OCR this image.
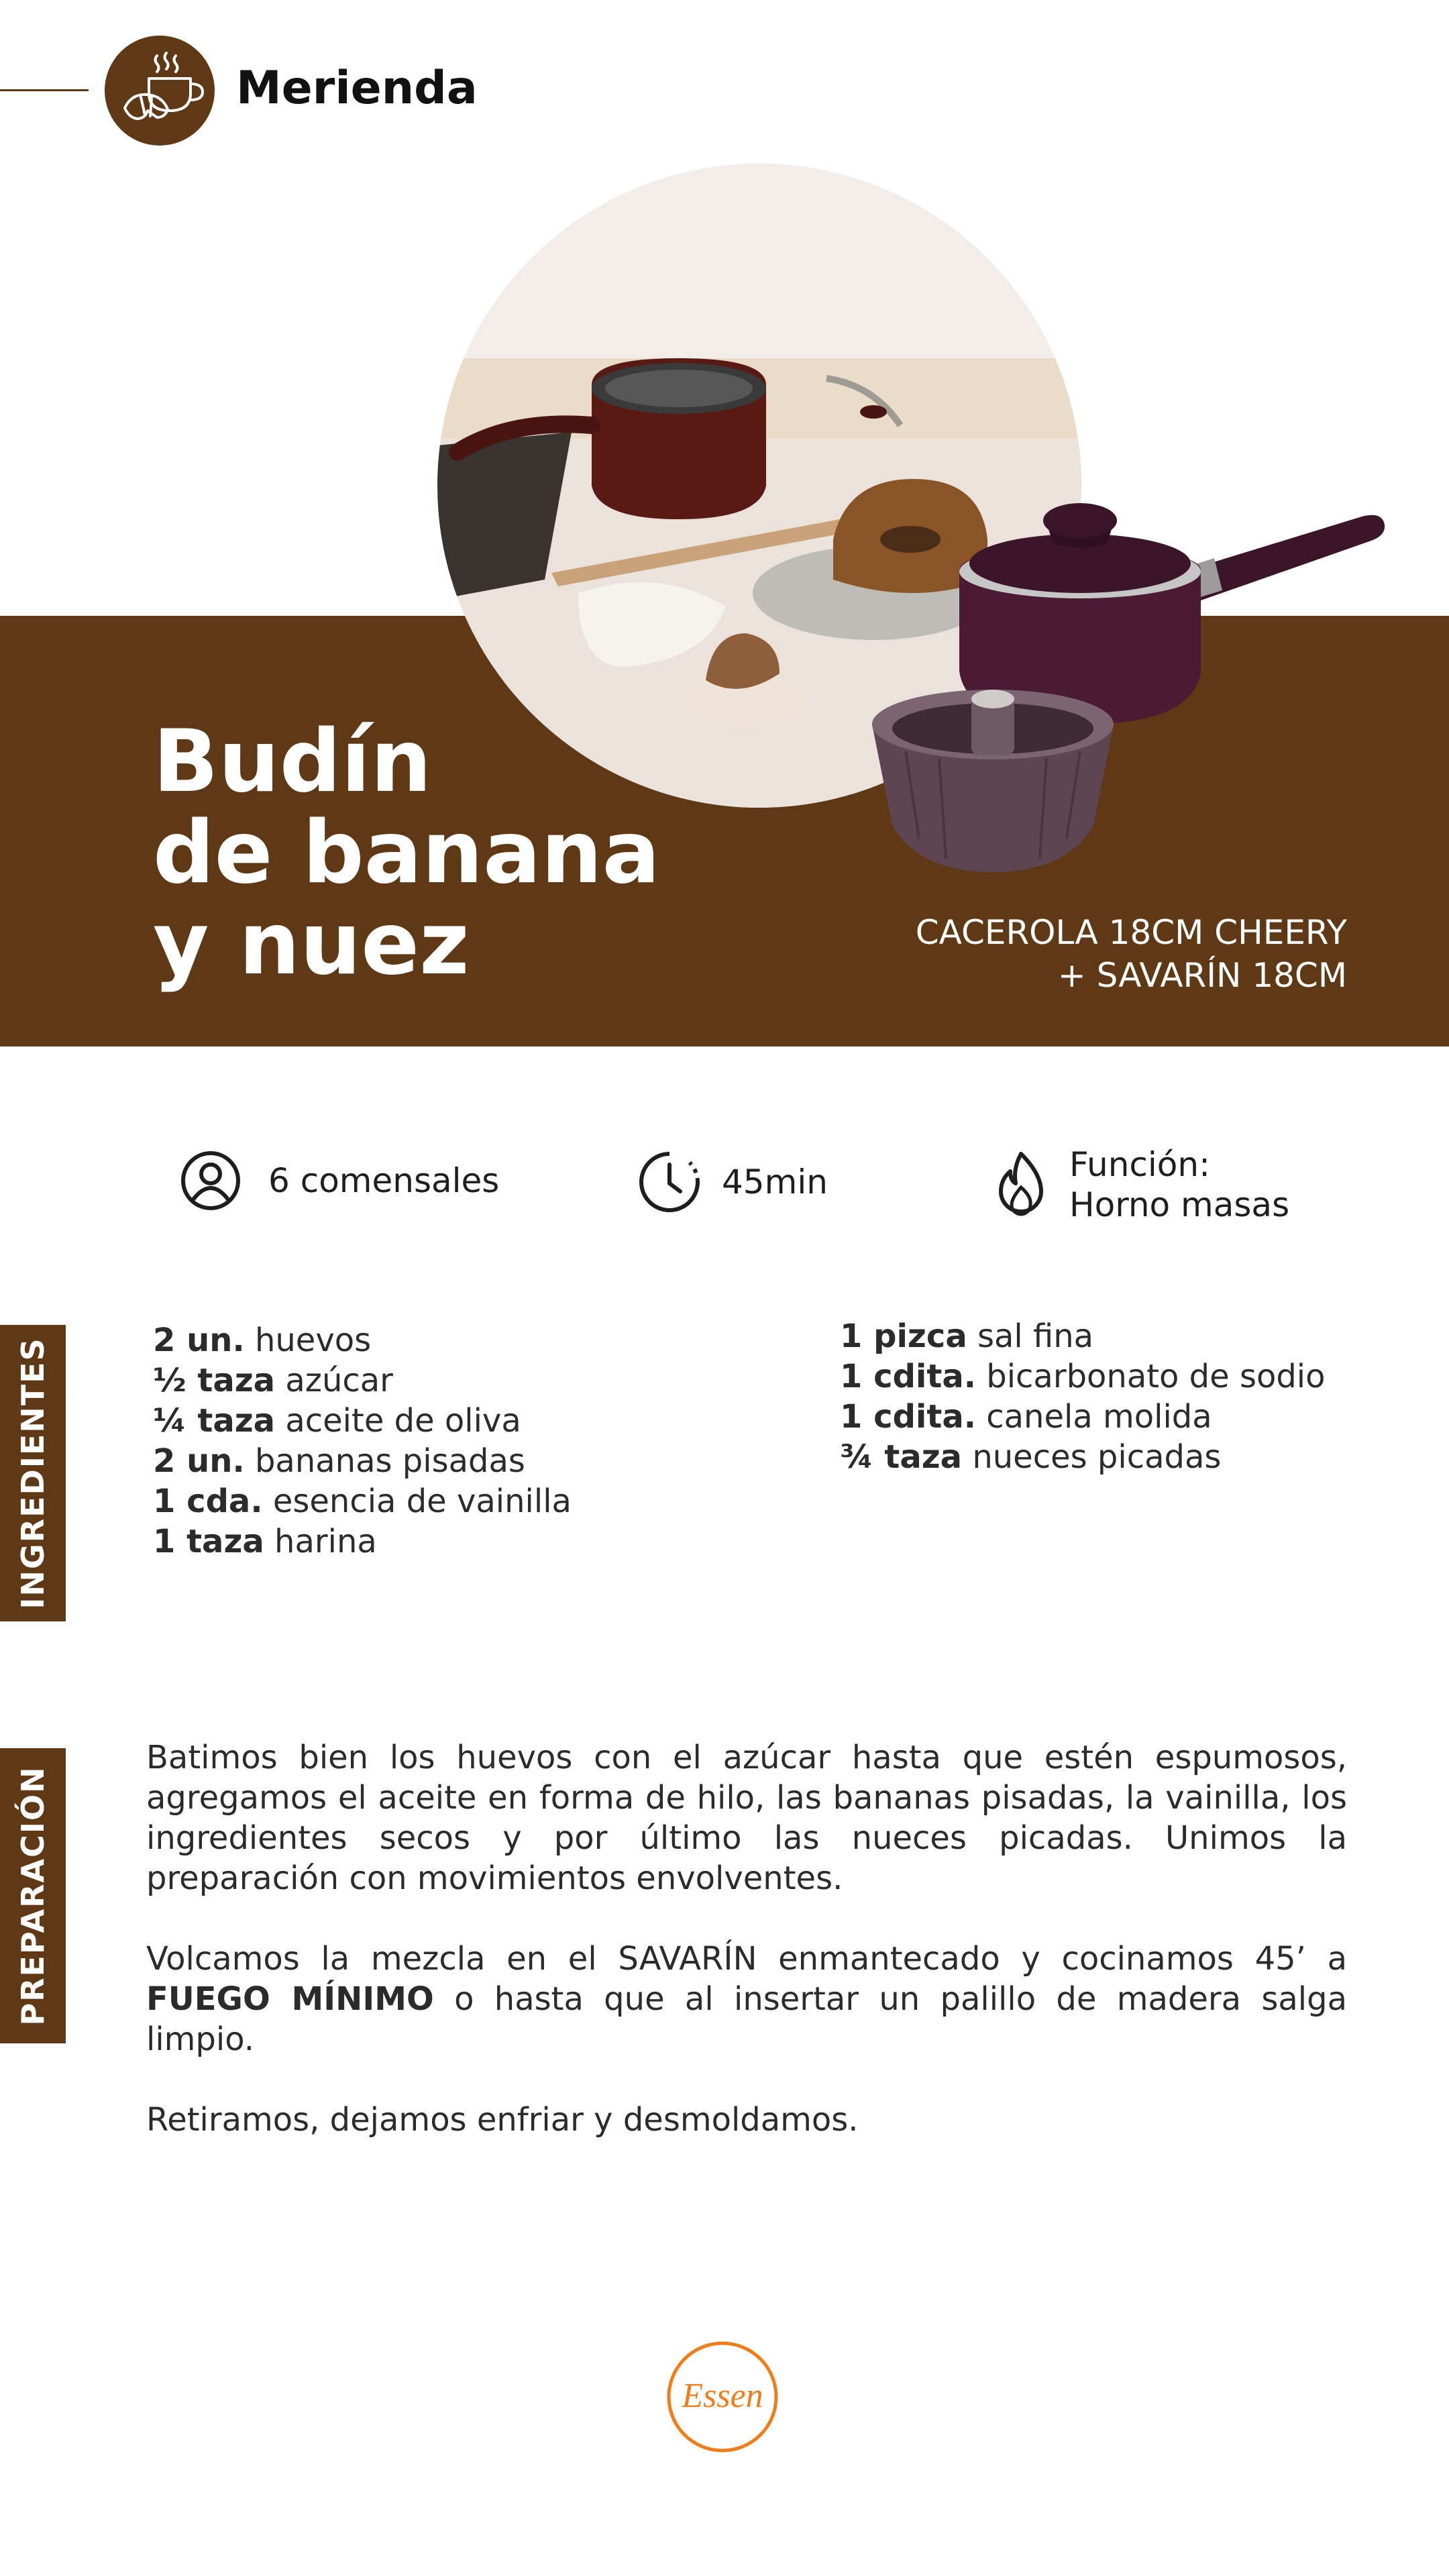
Merienda
Budín
de banana
y nuez	CACEROLA 18CM CHEERY
+ SAVARÍN 18CM
6 comensales	45min	Función:
Horno masas
INGREDIENTES	2 un. huevos
½ taza azúcar
¼ taza aceite de oliva
2 un. bananas pisadas
1 cda. esencia de vainilla
1 taza harina
1 pizca sal fina
1 cdita. bicarbonato de sodio
1 cdita. canela molida
¾ taza nueces picadas
PREPARACIÓN

Batimos bien los huevos con el azúcar hasta que estén espumosos, agregamos el aceite en forma de hilo, las bananas pisadas, la vainilla, los ingredientes secos y por último las nueces picadas. Unimos la preparación con movimientos envolventes.

Volcamos la mezcla en el SAVARÍN enmantecado y cocinamos 45’ a FUEGO MÍNIMO o hasta que al insertar un palillo de madera salga limpio.

Retiramos, dejamos enfriar y desmoldamos.

Essen
